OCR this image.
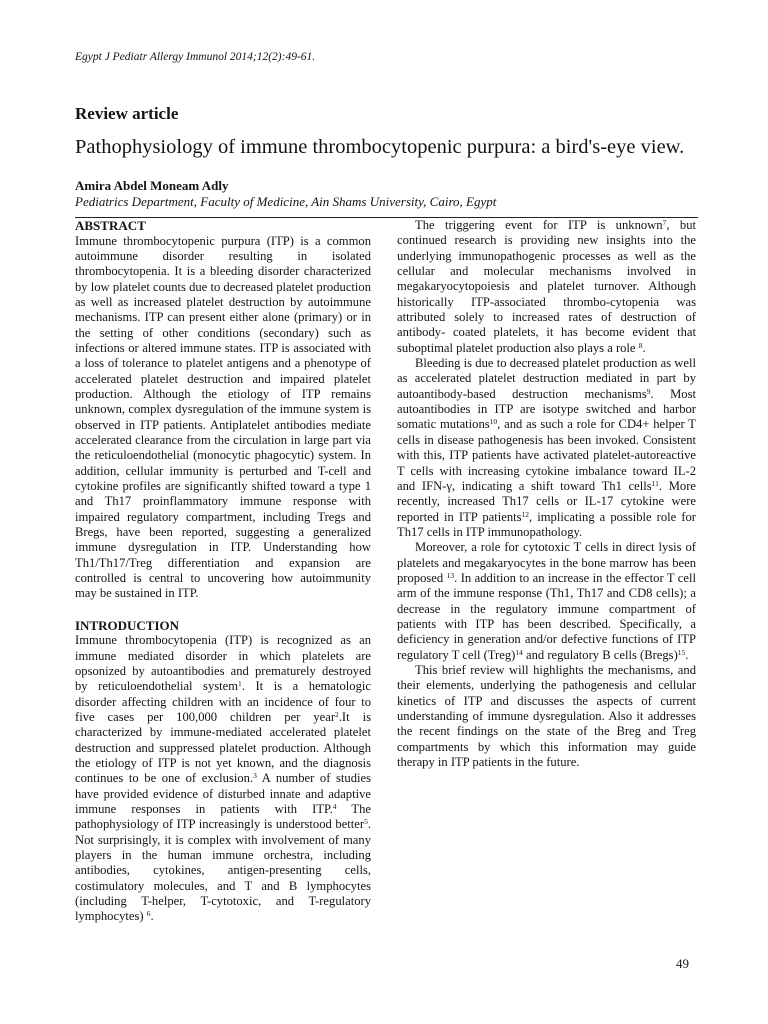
Egypt J Pediatr Allergy Immunol 2014;12(2):49-61.
Review article
Pathophysiology of immune thrombocytopenic purpura: a bird's-eye view.
Amira Abdel Moneam Adly
Pediatrics Department, Faculty of Medicine, Ain Shams University, Cairo, Egypt

ABSTRACT

Immune thrombocytopenic purpura (ITP) is a common autoimmune disorder resulting in isolated thrombocytopenia. It is a bleeding disorder characterized by low platelet counts due to decreased platelet production as well as increased platelet destruction by autoimmune mechanisms. ITP can present either alone (primary) or in the setting of other conditions (secondary) such as infections or altered immune states. ITP is associated with a loss of tolerance to platelet antigens and a phenotype of accelerated platelet destruction and impaired platelet production. Although the etiology of ITP remains unknown, complex dysregulation of the immune system is observed in ITP patients. Antiplatelet antibodies mediate accelerated clearance from the circulation in large part via the reticuloendothelial (monocytic phagocytic) system. In addition, cellular immunity is perturbed and T-cell and cytokine profiles are significantly shifted toward a type 1 and Th17 proinflammatory immune response with impaired regulatory compartment, including Tregs and Bregs, have been reported, suggesting a generalized immune dysregulation in ITP. Understanding how Th1/Th17/Treg differentiation and expansion are controlled is central to uncovering how autoimmunity may be sustained in ITP.

INTRODUCTION

Immune thrombocytopenia (ITP) is recognized as an immune mediated disorder in which platelets are opsonized by autoantibodies and prematurely destroyed by reticuloendothelial system$^1$. It is a hematologic disorder affecting children with an incidence of four to five cases per 100,000 children per year$^2$.It is characterized by immune-mediated accelerated platelet destruction and suppressed platelet production. Although the etiology of ITP is not yet known, and the diagnosis continues to be one of exclusion.$^3$ A number of studies have provided evidence of disturbed innate and adaptive immune responses in patients with ITP.$^4$ The pathophysiology of ITP increasingly is understood better$^5$. Not surprisingly, it is complex with involvement of many players in the human immune orchestra, including antibodies, cytokines, antigen-presenting cells, costimulatory molecules, and T and B lymphocytes (including T-helper, T-cytotoxic, and T-regulatory lymphocytes) $^6$.

The triggering event for ITP is unknown$^7$, but continued research is providing new insights into the underlying immunopathogenic processes as well as the cellular and molecular mechanisms involved in megakaryocytopoiesis and platelet turnover. Although historically ITP-associated thrombo-cytopenia was attributed solely to increased rates of destruction of antibody- coated platelets, it has become evident that suboptimal platelet production also plays a role $^8$.

Bleeding is due to decreased platelet production as well as accelerated platelet destruction mediated in part by autoantibody-based destruction mechanisms$^9$. Most autoantibodies in ITP are isotype switched and harbor somatic mutations$^{10}$, and as such a role for CD4+ helper T cells in disease pathogenesis has been invoked. Consistent with this, ITP patients have activated platelet-autoreactive T cells with increasing cytokine imbalance toward IL-2 and IFN-γ, indicating a shift toward Th1 cells$^{11}$. More recently, increased Th17 cells or IL-17 cytokine were reported in ITP patients$^{12}$, implicating a possible role for Th17 cells in ITP immunopathology.

Moreover, a role for cytotoxic T cells in direct lysis of platelets and megakaryocytes in the bone marrow has been proposed $^{13}$. In addition to an increase in the effector T cell arm of the immune response (Th1, Th17 and CD8 cells); a decrease in the regulatory immune compartment of patients with ITP has been described. Specifically, a deficiency in generation and/or defective functions of ITP regulatory T cell (Treg)$^{14}$ and regulatory B cells (Bregs)$^{15}$.

This brief review will highlights the mechanisms, and their elements, underlying the pathogenesis and cellular kinetics of ITP and discusses the aspects of current understanding of immune dysregulation. Also it addresses the recent findings on the state of the Breg and Treg compartments by which this information may guide therapy in ITP patients in the future.

49
